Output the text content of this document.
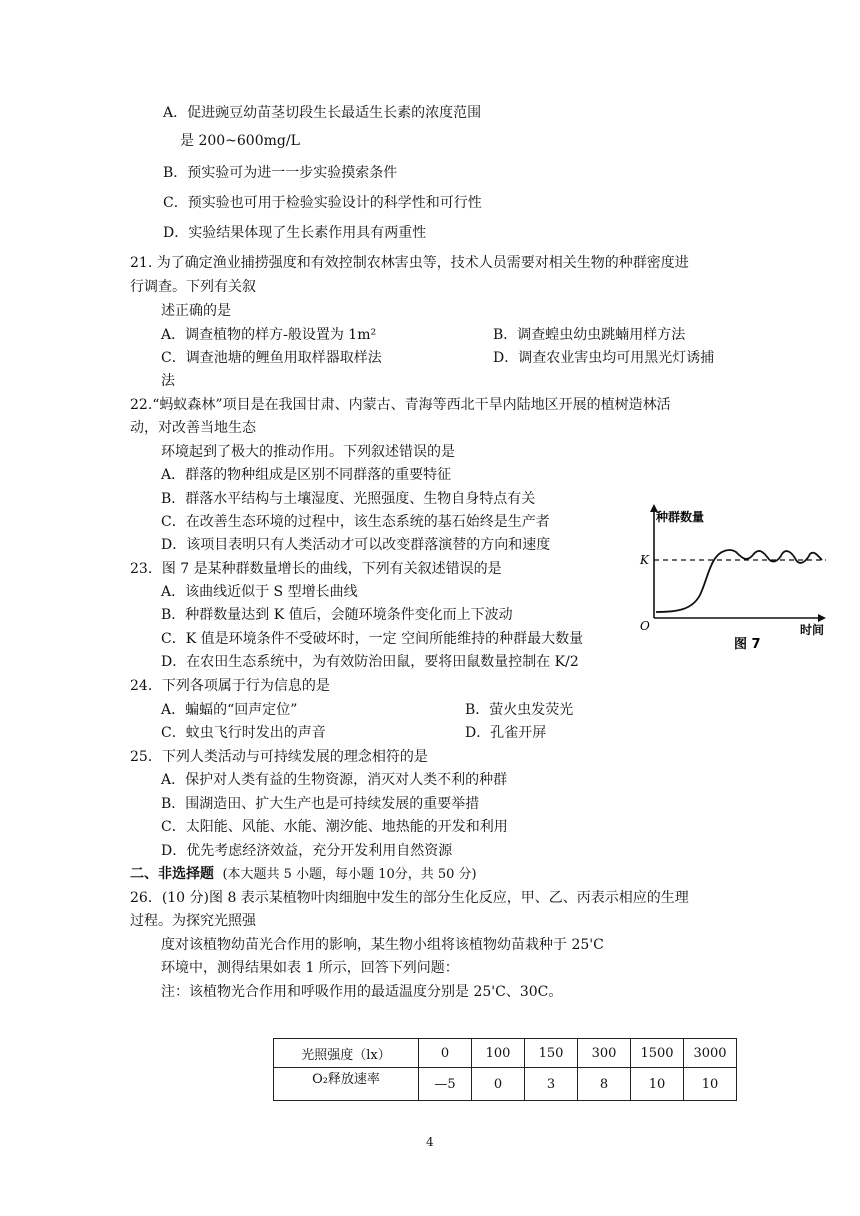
A．促进豌豆幼苗茎切段生长最适生长素的浓度范围
是 200~600mg/L
B．预实验可为进一一步实验摸索条件
C．预实验也可用于检验实验设计的科学性和可行性
D．实验结果体现了生长素作用具有两重性
21. 为了确定渔业捕捞强度和有效控制农林害虫等，技术人员需要对相关生物的种群密度进
行调查。下列有关叙
述正确的是
A．调查植物的样方-般设置为 1m²	B．调查蝗虫幼虫跳蝻用样方法
C．调查池塘的鲤鱼用取样器取样法	D．调查农业害虫均可用黑光灯诱捕
法
22.“蚂蚁森林”项目是在我国甘肃、内蒙古、青海等西北干旱内陆地区开展的植树造林活
动，对改善当地生态
环境起到了极大的推动作用。下列叙述错误的是
A．群落的物种组成是区别不同群落的重要特征
B．群落水平结构与土壤湿度、光照强度、生物自身特点有关
C．在改善生态环境的过程中，该生态系统的基石始终是生产者
D．该项目表明只有人类活动才可以改变群落演替的方向和速度
23．图 7 是某种群数量增长的曲线，下列有关叙述错误的是
A．该曲线近似于 S 型增长曲线
B．种群数量达到 K 值后，会随环境条件变化而上下波动
C．K 值是环境条件不受破坏时，一定 空间所能维持的种群最大数量
D．在农田生态系统中，为有效防治田鼠，要将田鼠数量控制在 K/2
种群数量
K
O	时间
图 7
24．下列各项属于行为信息的是
A．蝙蝠的“回声定位”	B．萤火虫发荧光
C．蚊虫飞行时发出的声音	D．孔雀开屏
25．下列人类活动与可持续发展的理念相符的是
A．保护对人类有益的生物资源，消灭对人类不利的种群
B．围湖造田、扩大生产也是可持续发展的重要举措
C．太阳能、风能、水能、潮汐能、地热能的开发和利用
D．优先考虑经济效益，充分开发利用自然资源
二、非选择题 (本大题共 5 小题，每小题 10分，共 50 分)
26．(10 分)图 8 表示某植物叶肉细胞中发生的部分生化反应，甲、乙、丙表示相应的生理
过程。为探究光照强
度对该植物幼苗光合作用的影响，某生物小组将该植物幼苗栽种于 25'C
环境中，测得结果如表 1 所示，回答下列问题：
注：该植物光合作用和呼吸作用的最适温度分别是 25'C、30C。
光照强度（lx）	0	100	150	300	1500	3000
O₂释放速率	—5	0	3	8	10	10
4
